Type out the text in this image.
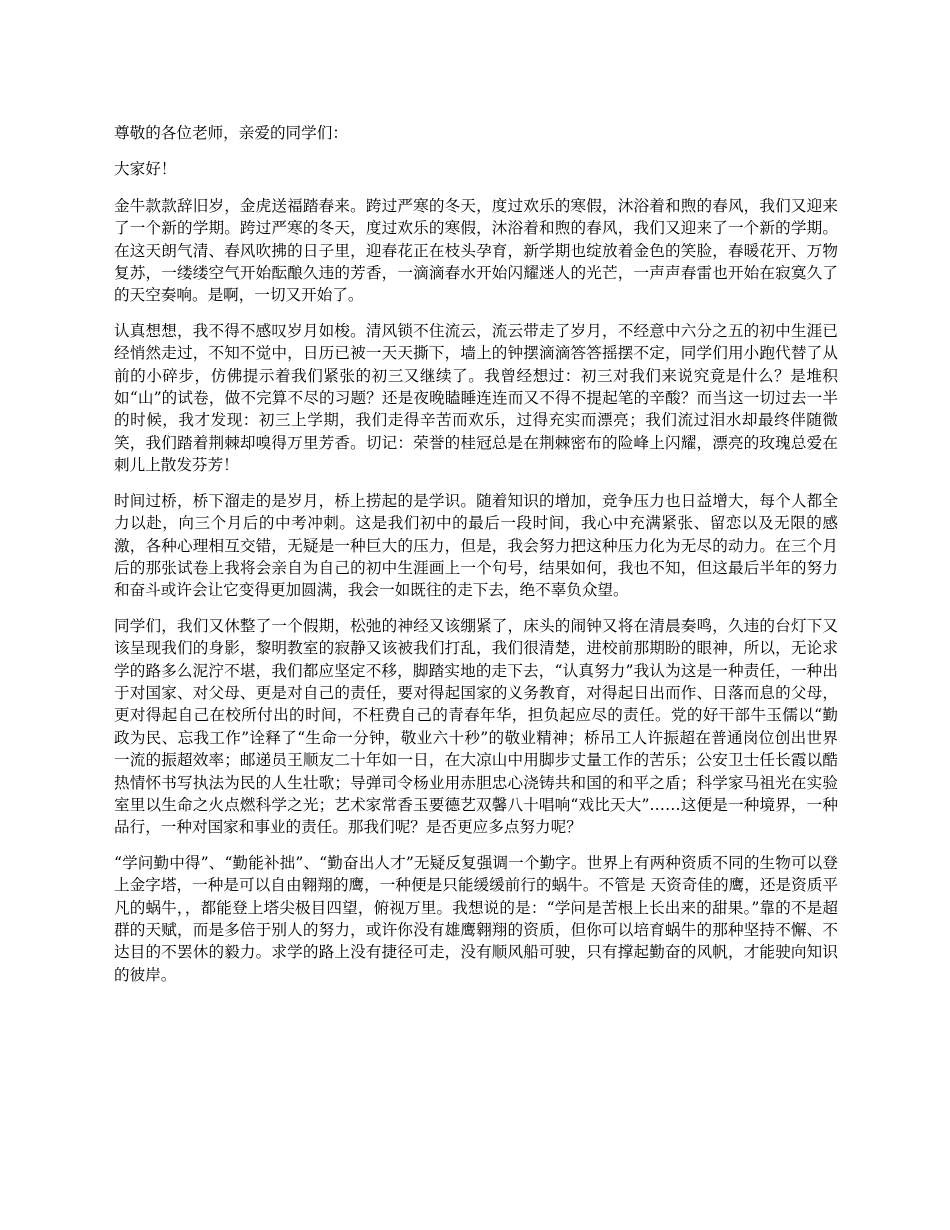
尊敬的各位老师，亲爱的同学们：

大家好！

金牛款款辞旧岁，金虎送福踏春来。跨过严寒的冬天，度过欢乐的寒假，沐浴着和煦的春风，我们又迎来了一个新的学期。跨过严寒的冬天，度过欢乐的寒假，沐浴着和煦的春风，我们又迎来了一个新的学期。在这天朗气清、春风吹拂的日子里，迎春花正在枝头孕育，新学期也绽放着金色的笑脸，春暖花开、万物复苏，一缕缕空气开始酝酿久违的芳香，一滴滴春水开始闪耀迷人的光芒，一声声春雷也开始在寂寞久了的天空奏响。是啊，一切又开始了。

认真想想，我不得不感叹岁月如梭。清风锁不住流云，流云带走了岁月，不经意中六分之五的初中生涯已经悄然走过，不知不觉中，日历已被一天天撕下，墙上的钟摆滴滴答答摇摆不定，同学们用小跑代替了从前的小碎步，仿佛提示着我们紧张的初三又继续了。我曾经想过：初三对我们来说究竟是什么？是堆积如“山”的试卷，做不完算不尽的习题？还是夜晚瞌睡连连而又不得不提起笔的辛酸？而当这一切过去一半的时候，我才发现：初三上学期，我们走得辛苦而欢乐，过得充实而漂亮；我们流过泪水却最终伴随微笑，我们踏着荆棘却嗅得万里芳香。切记：荣誉的桂冠总是在荆棘密布的险峰上闪耀，漂亮的玫瑰总爱在刺儿上散发芬芳！

时间过桥，桥下溜走的是岁月，桥上捞起的是学识。随着知识的增加，竞争压力也日益增大，每个人都全力以赴，向三个月后的中考冲刺。这是我们初中的最后一段时间，我心中充满紧张、留恋以及无限的感激，各种心理相互交错，无疑是一种巨大的压力，但是，我会努力把这种压力化为无尽的动力。在三个月后的那张试卷上我将会亲自为自己的初中生涯画上一个句号，结果如何，我也不知，但这最后半年的努力和奋斗或许会让它变得更加圆满，我会一如既往的走下去，绝不辜负众望。

同学们，我们又休整了一个假期，松弛的神经又该绷紧了，床头的闹钟又将在清晨奏鸣，久违的台灯下又该呈现我们的身影，黎明教室的寂静又该被我们打乱，我们很清楚，进校前那期盼的眼神，所以，无论求学的路多么泥泞不堪，我们都应坚定不移，脚踏实地的走下去，“认真努力”我认为这是一种责任，一种出于对国家、对父母、更是对自己的责任，要对得起国家的义务教育，对得起日出而作、日落而息的父母，更对得起自己在校所付出的时间，不枉费自己的青春年华，担负起应尽的责任。党的好干部牛玉儒以“勤政为民、忘我工作”诠释了“生命一分钟，敬业六十秒”的敬业精神；桥吊工人许振超在普通岗位创出世界一流的振超效率；邮递员王顺友二十年如一日，在大凉山中用脚步丈量工作的苦乐；公安卫士任长霞以酷热情怀书写执法为民的人生壮歌；导弹司令杨业用赤胆忠心浇铸共和国的和平之盾；科学家马祖光在实验室里以生命之火点燃科学之光；艺术家常香玉要德艺双馨八十唱响“戏比天大”……这便是一种境界，一种品行，一种对国家和事业的责任。那我们呢？是否更应多点努力呢？

“学问勤中得”、“勤能补拙”、“勤奋出人才”无疑反复强调一个勤字。世界上有两种资质不同的生物可以登上金字塔，一种是可以自由翱翔的鹰，一种便是只能缓缓前行的蜗牛。不管是 天资奇佳的鹰，还是资质平凡的蜗牛，，都能登上塔尖极目四望，俯视万里。我想说的是：“学问是苦根上长出来的甜果。”靠的不是超群的天赋，而是多倍于别人的努力，或许你没有雄鹰翱翔的资质，但你可以培育蜗牛的那种坚持不懈、不达目的不罢休的毅力。求学的路上没有捷径可走，没有顺风船可驶，只有撑起勤奋的风帆，才能驶向知识的彼岸。
